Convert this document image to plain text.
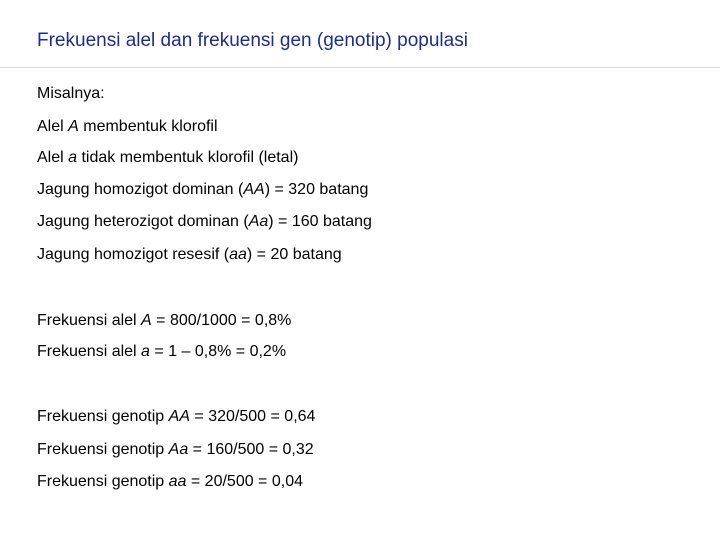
Frekuensi alel dan frekuensi gen (genotip) populasi
Misalnya:
Alel A membentuk klorofil
Alel a tidak membentuk klorofil (letal)
Jagung homozigot dominan (AA) = 320 batang
Jagung heterozigot dominan (Aa) = 160 batang
Jagung homozigot resesif (aa) = 20 batang
Frekuensi alel A = 800/1000 = 0,8%
Frekuensi alel a = 1 – 0,8% = 0,2%
Frekuensi genotip AA = 320/500 = 0,64
Frekuensi genotip Aa = 160/500 = 0,32
Frekuensi genotip aa = 20/500 = 0,04
